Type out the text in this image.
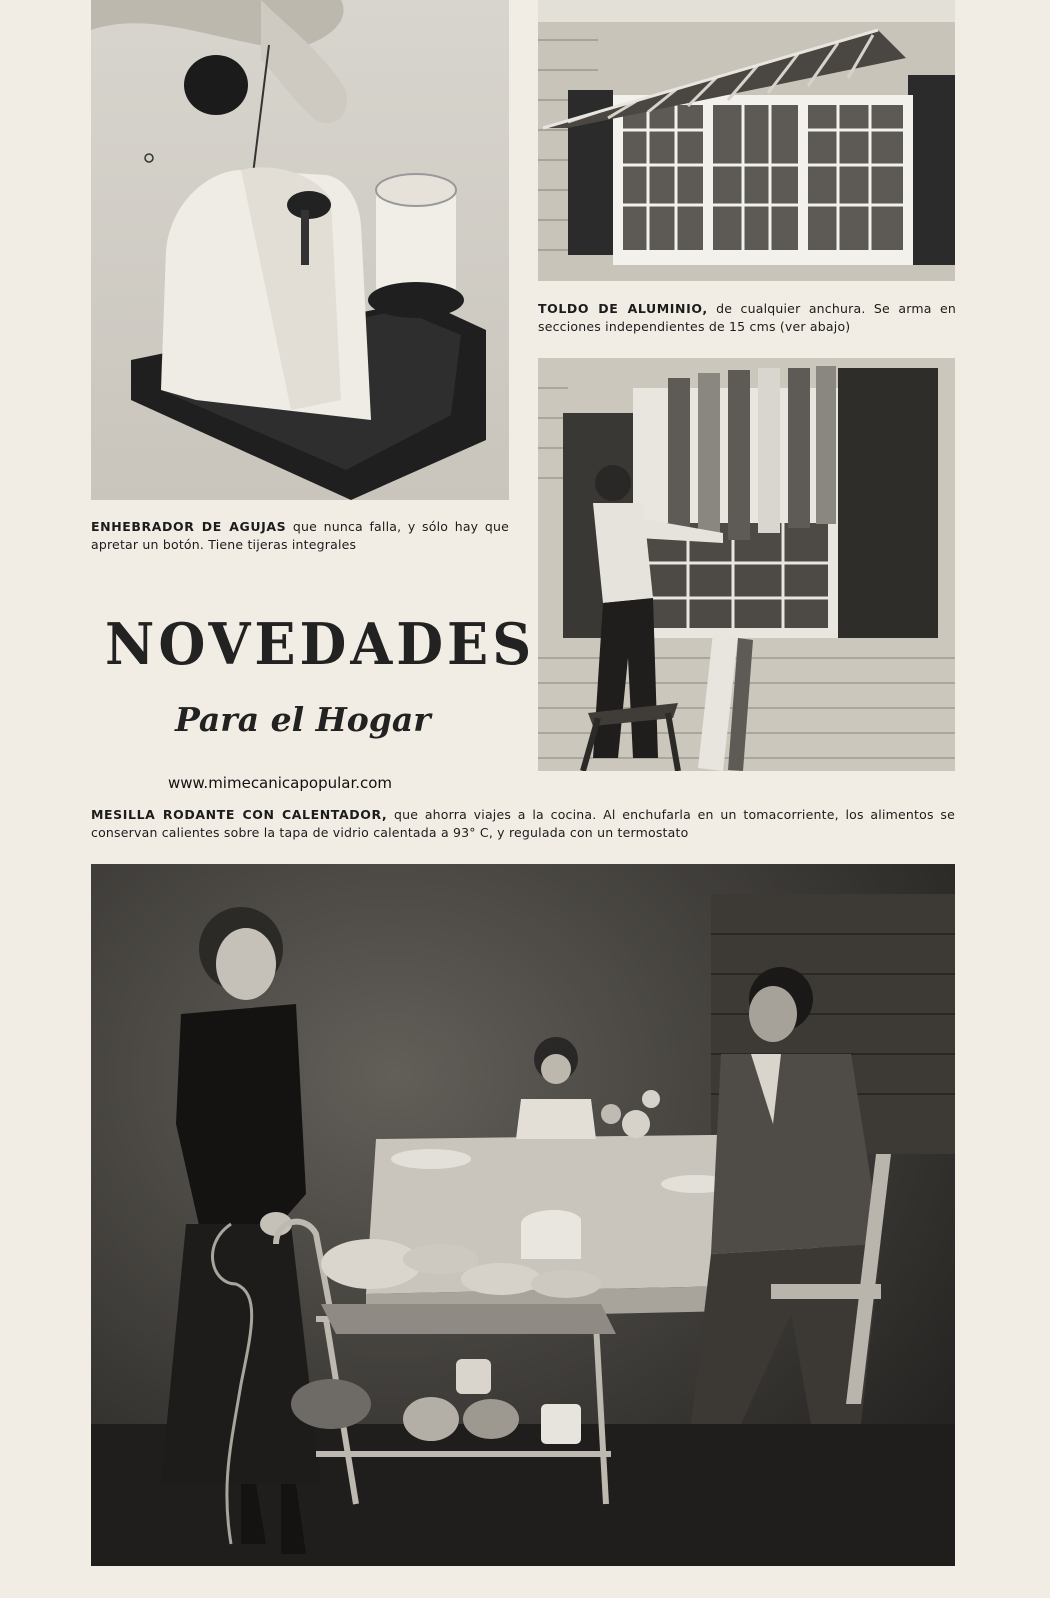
TOLDO DE ALUMINIO, de cualquier anchura. Se arma en secciones independientes de 15 cms (ver abajo)
ENHEBRADOR DE AGUJAS que nunca falla, y sólo hay que apretar un botón. Tiene tijeras integrales
NOVEDADES
Para el Hogar
www.mimecanicapopular.com
MESILLA RODANTE CON CALENTADOR, que ahorra viajes a la cocina. Al enchufarla en un tomacorriente, los alimentos se conservan calientes sobre la tapa de vidrio calentada a 93° C, y regulada con un termostato
